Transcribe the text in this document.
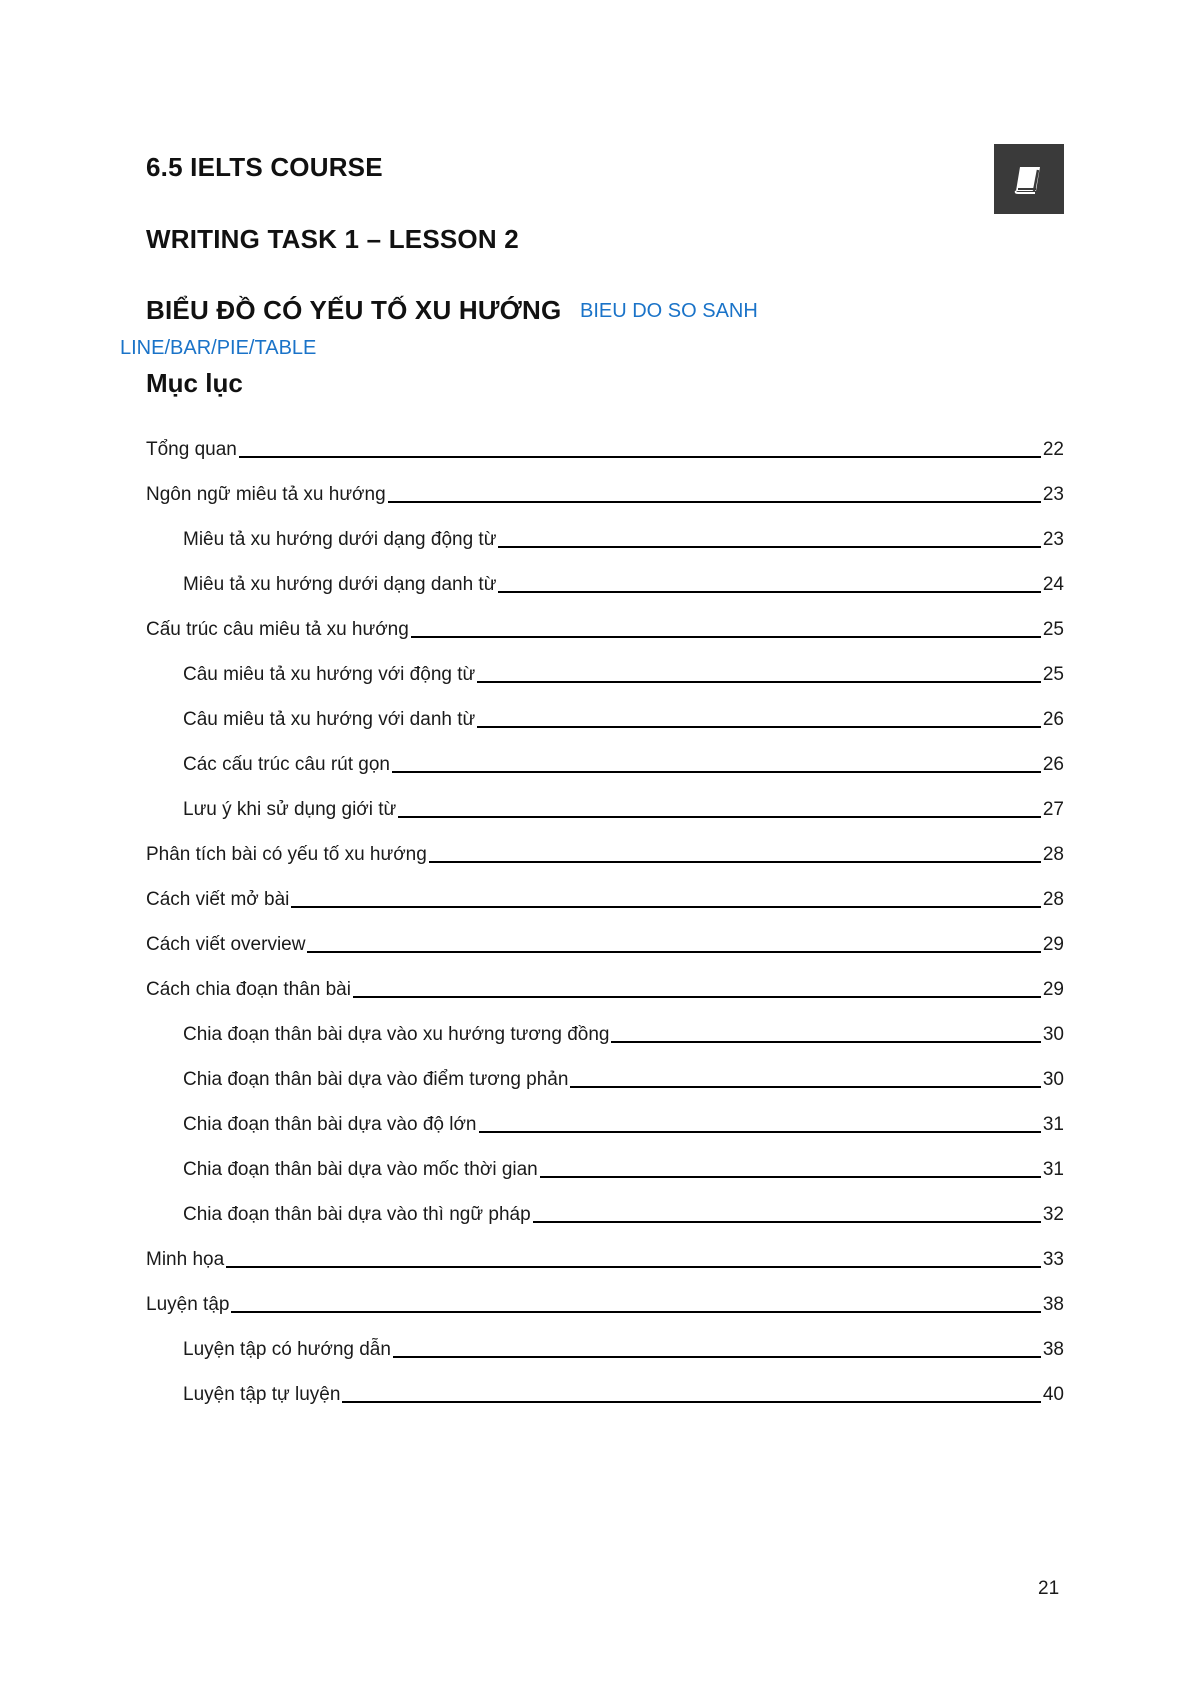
6.5 IELTS COURSE
WRITING TASK 1 – LESSON 2
BIỂU ĐỒ CÓ YẾU TỐ XU HƯỚNG BIEU DO SO SANH
LINE/BAR/PIE/TABLE
Mục lục
Tổng quan	22
Ngôn ngữ miêu tả xu hướng	23
Miêu tả xu hướng dưới dạng động từ	23
Miêu tả xu hướng dưới dạng danh từ	24
Cấu trúc câu miêu tả xu hướng	25
Câu miêu tả xu hướng với động từ	25
Câu miêu tả xu hướng với danh từ	26
Các cấu trúc câu rút gọn	26
Lưu ý khi sử dụng giới từ	27
Phân tích bài có yếu tố xu hướng	28
Cách viết mở bài	28
Cách viết overview	29
Cách chia đoạn thân bài	29
Chia đoạn thân bài dựa vào xu hướng tương đồng	30
Chia đoạn thân bài dựa vào điểm tương phản	30
Chia đoạn thân bài dựa vào độ lớn	31
Chia đoạn thân bài dựa vào mốc thời gian	31
Chia đoạn thân bài dựa vào thì ngữ pháp	32
Minh họa	33
Luyện tập	38
Luyện tập có hướng dẫn	38
Luyện tập tự luyện	40
21
